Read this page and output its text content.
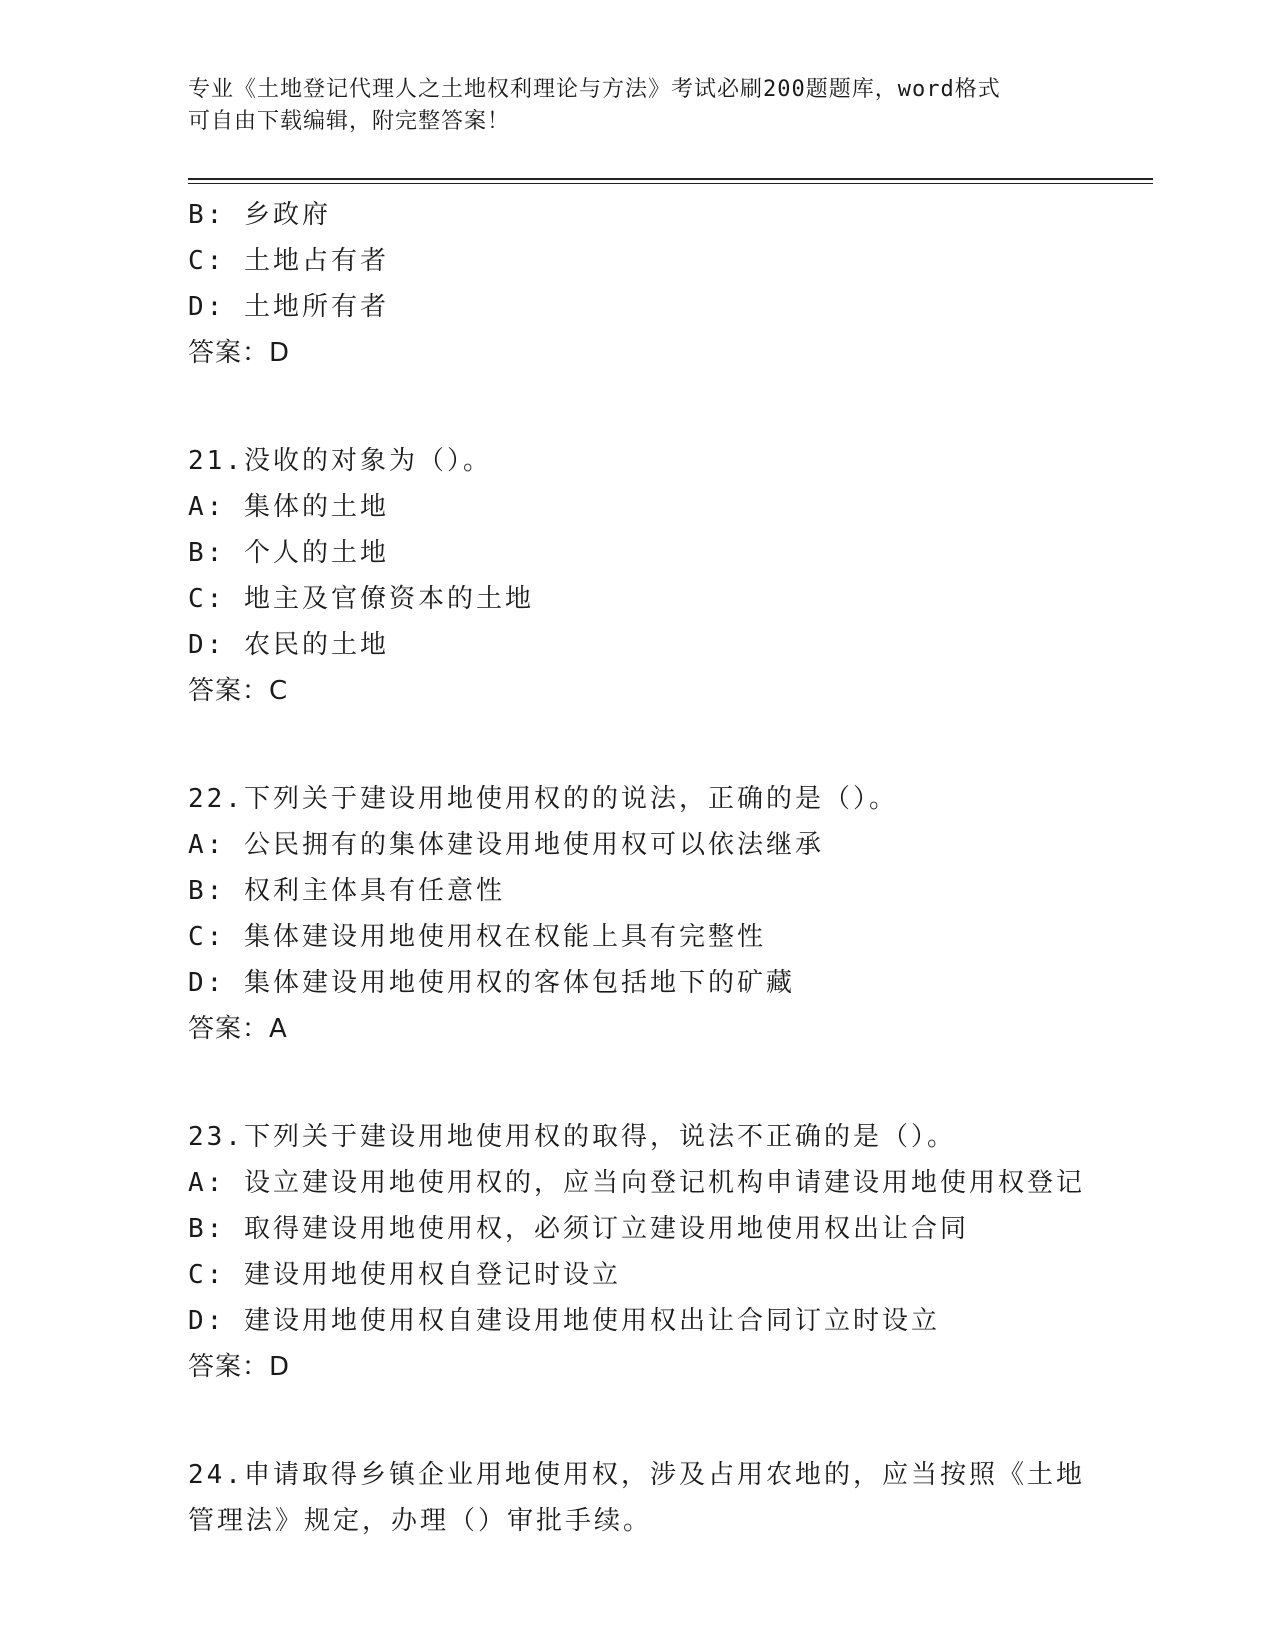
专业《土地登记代理人之土地权利理论与方法》考试必刷200题题库，word格式
可自由下载编辑，附完整答案！
B: 乡政府
C: 土地占有者
D: 土地所有者
答案：D
21.没收的对象为（）。
A: 集体的土地
B: 个人的土地
C: 地主及官僚资本的土地
D: 农民的土地
答案：C
22.下列关于建设用地使用权的的说法，正确的是（）。
A: 公民拥有的集体建设用地使用权可以依法继承
B: 权利主体具有任意性
C: 集体建设用地使用权在权能上具有完整性
D: 集体建设用地使用权的客体包括地下的矿藏
答案：A
23.下列关于建设用地使用权的取得，说法不正确的是（）。
A: 设立建设用地使用权的，应当向登记机构申请建设用地使用权登记
B: 取得建设用地使用权，必须订立建设用地使用权出让合同
C: 建设用地使用权自登记时设立
D: 建设用地使用权自建设用地使用权出让合同订立时设立
答案：D
24.申请取得乡镇企业用地使用权，涉及占用农地的，应当按照《土地
管理法》规定，办理（）审批手续。
